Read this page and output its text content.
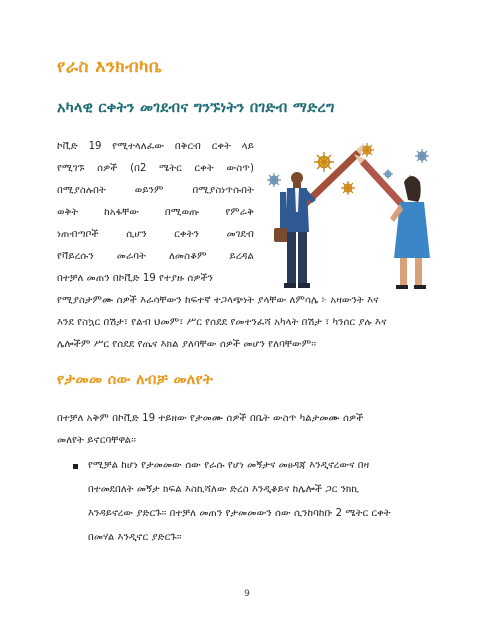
የራስ እንክብካቤ
አካላዊ ርቀትን መገደብና ግንኙነትን በገድብ ማድረግ
ኮቪድ 19 የሚተላለፈው በቅርብ ርቀት ላይ
የሚገኙ ሰዎች (በ2 ሜትር ርቀት ውስጥ)
በሚያስሉበት ወይንም በሚያስነጥሱበት
ወቅት ከአፋቸው በሚወጡ የምራቅ
ነጠብጣቦች ሲሆን ርቀትን መገደብ
የቫይረሱን መራባት ለመስቆም ይረዳል
በተቻለ መጠን በኮቪድ 19 የተያዙ ሰዎችን
የሚያስታምሙ ሰዎች እራሳቸውን ከፍተኛ ተጋላጭነት ያላቸው ለምሳሌ ፦ አዛውንት እና
እንደ የስኳር በሽታ፣ የልብ ህመም፣ ሥር የሰደደ የመተንፈሻ አካላት በሽታ ፣ ካንሰር ያሉ እና
ሌሎችም ሥር የሰደደ የጤና እክል ያለባቸው ሰዎች መሆን የለባቸውም፡፡
የታመመ ሰው ለብቻ መለየት
በተቻለ አቅም በኮቪድ 19 ተይዘው የታመሙ ሰዎች በቤት ውስጥ ካልታመሙ ሰዎች
መለየት ይኖርባቸዋል፡፡
የሚቻል ከሆነ የታመመው ሰው የራሱ የሆነ መኝታና መፀዳጃ እንዲኖረውና በዛ
በተመደበለት መኝታ ክፍል እስኪሻለው ድረስ እንዲቆይና ከሌሎች ጋር ንክኪ
እንዳይኖረው ያድርጉ፡፡ በተቻለ መጠን የታመመውን ሰው ሲንከባከቡ 2 ሜትር ርቀት
በመሃል እንዲኖር ያድርጉ፡፡
9
